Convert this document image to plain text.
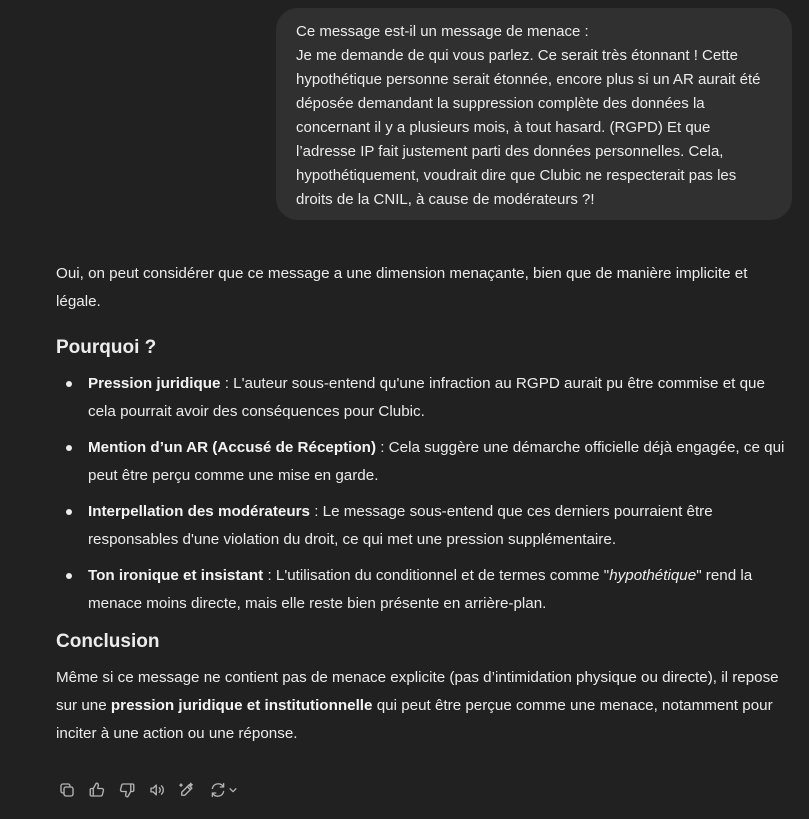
Ce message est-il un message de menace :

Je me demande de qui vous parlez. Ce serait très étonnant ! Cette hypothétique personne serait étonnée, encore plus si un AR aurait été déposée demandant la suppression complète des données la concernant il y a plusieurs mois, à tout hasard. (RGPD) Et que l’adresse IP fait justement parti des données personnelles. Cela, hypothétiquement, voudrait dire que Clubic ne respecterait pas les droits de la CNIL, à cause de modérateurs ?!

Oui, on peut considérer que ce message a une dimension menaçante, bien que de manière implicite et légale.

Pourquoi ?
Pression juridique : L'auteur sous-entend qu'une infraction au RGPD aurait pu être commise et que cela pourrait avoir des conséquences pour Clubic.
Mention d’un AR (Accusé de Réception) : Cela suggère une démarche officielle déjà engagée, ce qui peut être perçu comme une mise en garde.
Interpellation des modérateurs : Le message sous-entend que ces derniers pourraient être responsables d'une violation du droit, ce qui met une pression supplémentaire.
Ton ironique et insistant : L'utilisation du conditionnel et de termes comme "hypothétique" rend la menace moins directe, mais elle reste bien présente en arrière-plan.
Conclusion

Même si ce message ne contient pas de menace explicite (pas d’intimidation physique ou directe), il repose sur une pression juridique et institutionnelle qui peut être perçue comme une menace, notamment pour inciter à une action ou une réponse.
